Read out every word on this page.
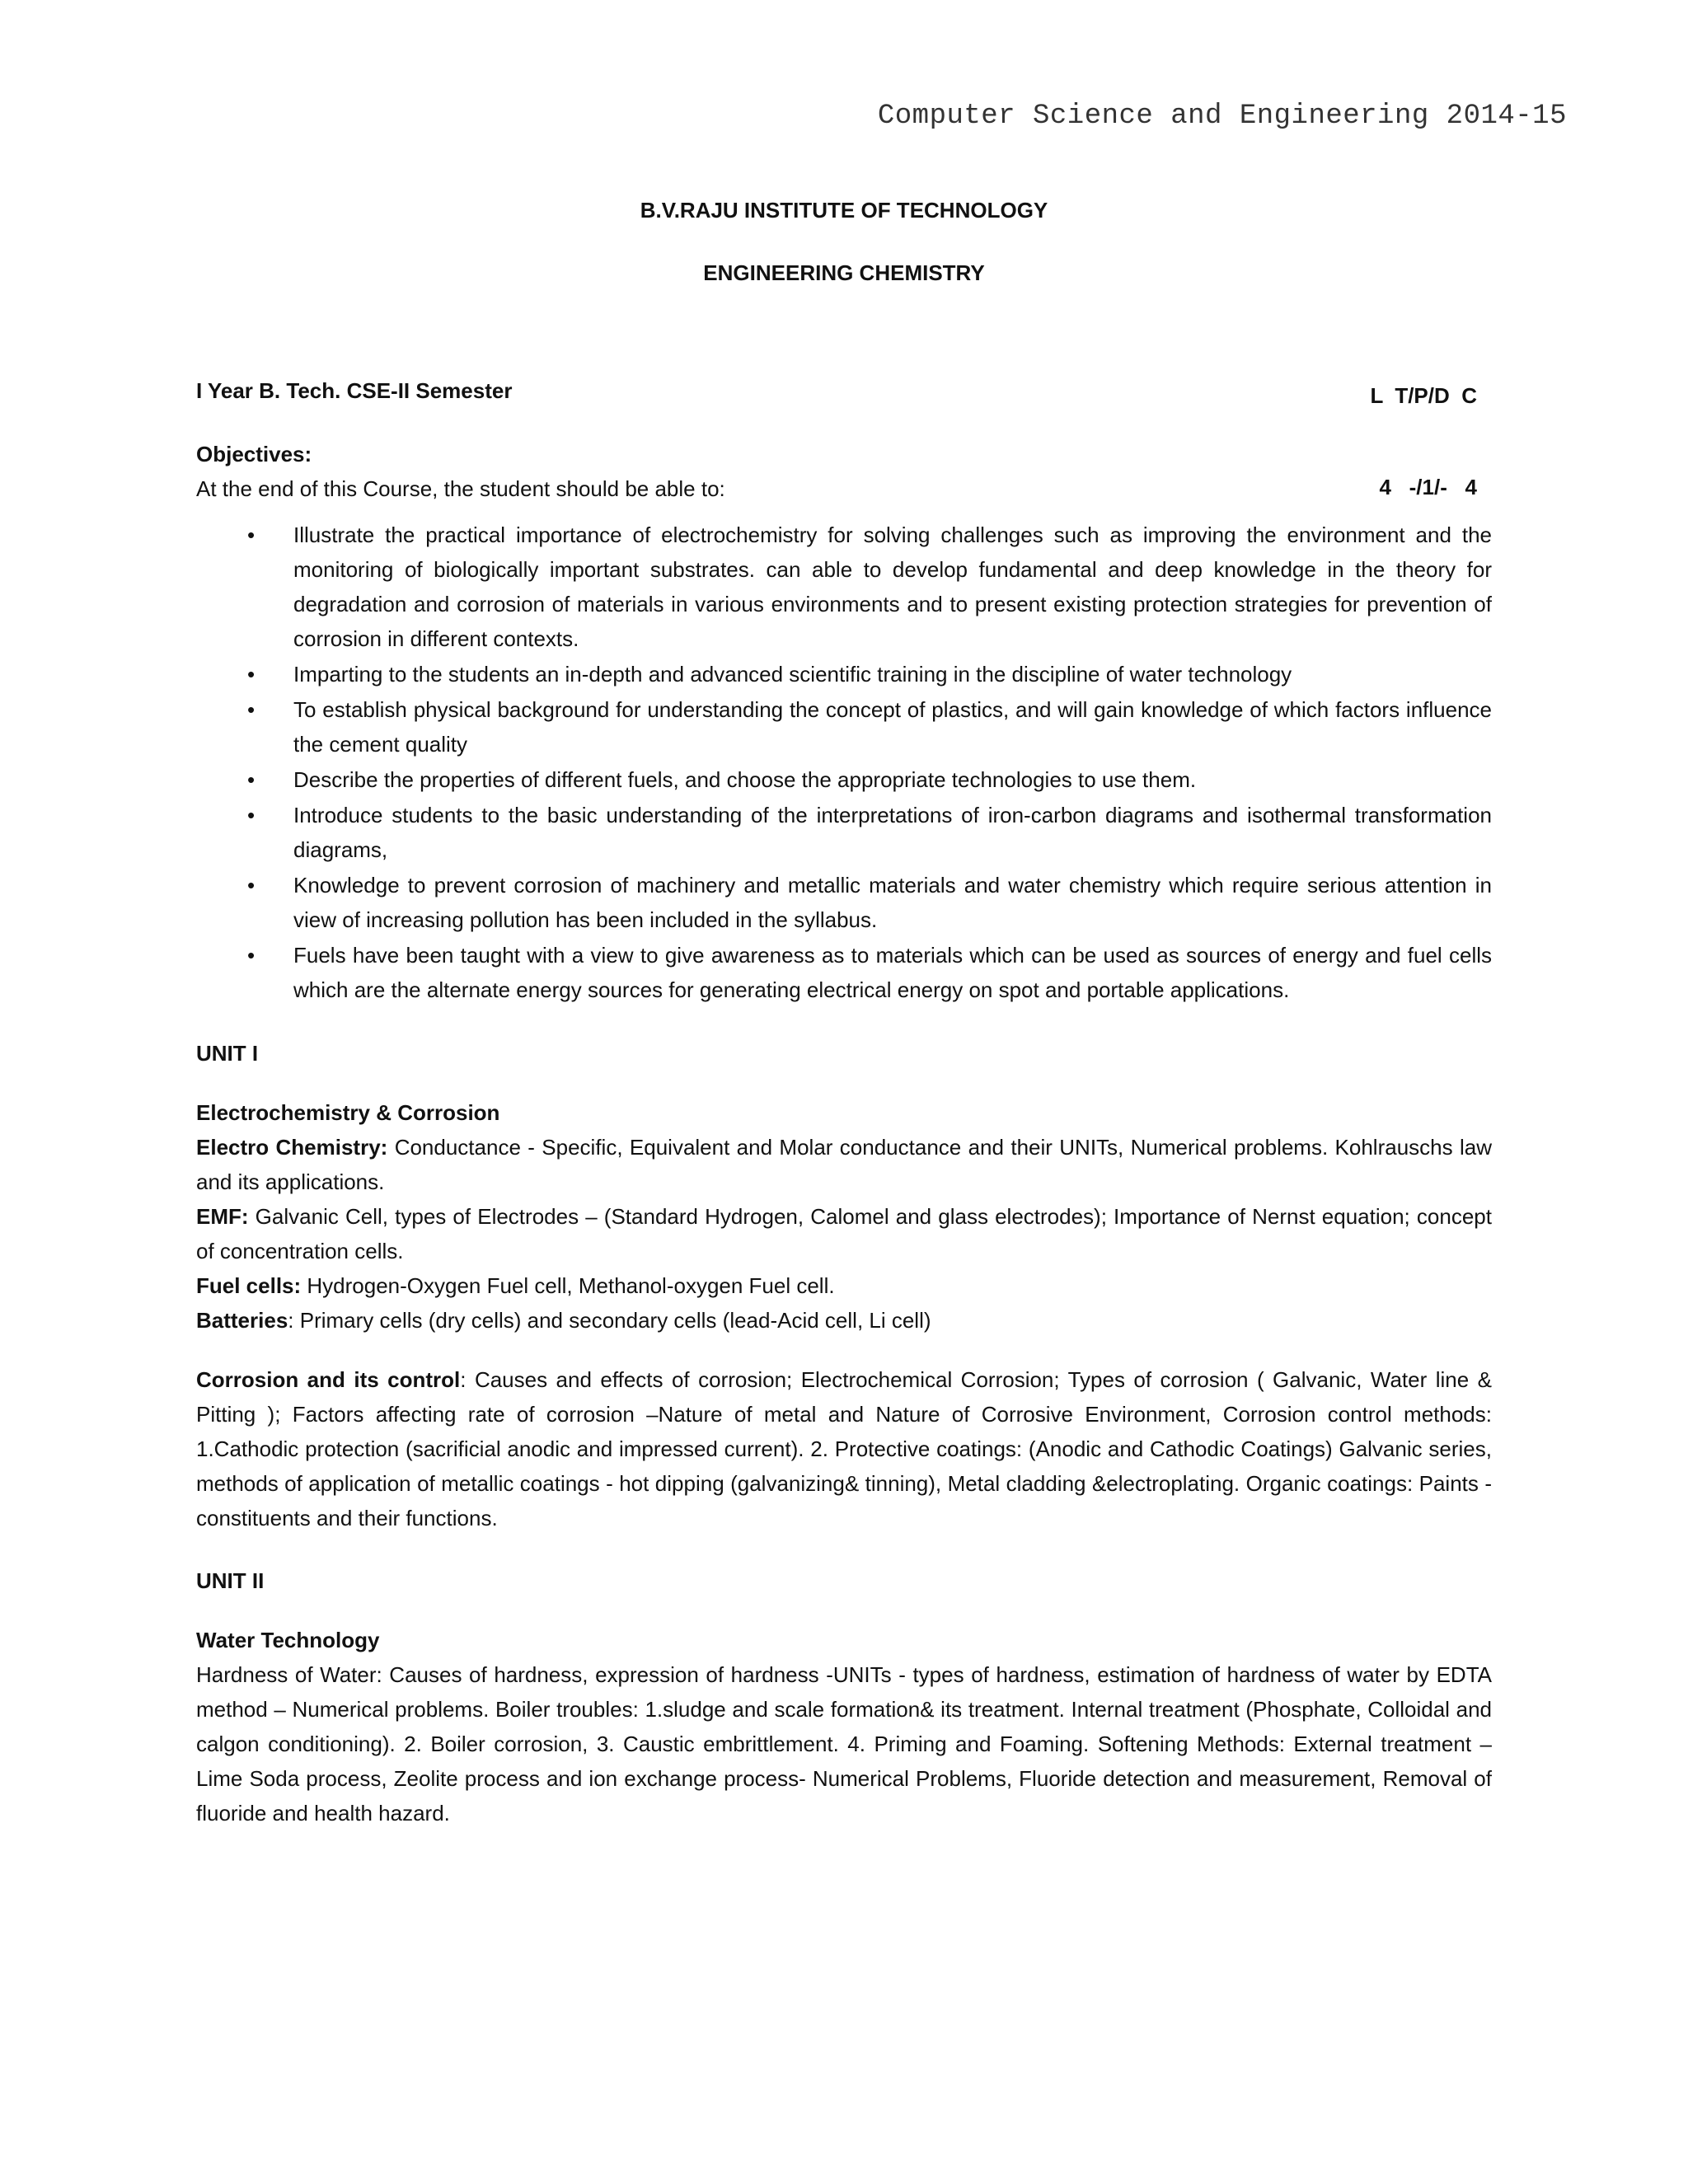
Computer Science and Engineering 2014-15
B.V.RAJU INSTITUTE OF TECHNOLOGY
ENGINEERING CHEMISTRY

L  T/P/D  C

4   -/1/-   4

I Year B. Tech. CSE-II Semester

Objectives:

At the end of this Course, the student should be able to:

• Illustrate the practical importance of electrochemistry for solving challenges such as improving the environment and the monitoring of biologically important substrates. can able to develop fundamental and deep knowledge in the theory for degradation and corrosion of materials in various environments and to present existing protection strategies for prevention of corrosion in different contexts.
• Imparting to the students an in-depth and advanced scientific training in the discipline of water technology
• To establish physical background for understanding the concept of plastics, and will gain knowledge of which factors influence the cement quality
• Describe the properties of different fuels, and choose the appropriate technologies to use them.
• Introduce students to the basic understanding of the interpretations of iron-carbon diagrams and isothermal transformation diagrams,
• Knowledge to prevent corrosion of machinery and metallic materials and water chemistry which require serious attention in view of increasing pollution has been included in the syllabus.
• Fuels have been taught with a view to give awareness as to materials which can be used as sources of energy and fuel cells which are the alternate energy sources for generating electrical energy on spot and portable applications.

UNIT I

Electrochemistry & Corrosion

Electro Chemistry: Conductance - Specific, Equivalent and Molar conductance and their UNITs, Numerical problems. Kohlrauschs law and its applications.

EMF: Galvanic Cell, types of Electrodes – (Standard Hydrogen, Calomel and glass electrodes); Importance of Nernst equation; concept of concentration cells.

Fuel cells: Hydrogen-Oxygen Fuel cell, Methanol-oxygen Fuel cell.

Batteries: Primary cells (dry cells) and secondary cells (lead-Acid cell, Li cell)

Corrosion and its control: Causes and effects of corrosion; Electrochemical Corrosion; Types of corrosion ( Galvanic, Water line & Pitting ); Factors affecting rate of corrosion –Nature of metal and Nature of Corrosive Environment, Corrosion control methods: 1.Cathodic protection (sacrificial anodic and impressed current). 2. Protective coatings: (Anodic and Cathodic Coatings) Galvanic series, methods of application of metallic coatings - hot dipping (galvanizing& tinning), Metal cladding &electroplating. Organic coatings: Paints - constituents and their functions.

UNIT II

Water Technology

Hardness of Water: Causes of hardness, expression of hardness -UNITs - types of hardness, estimation of hardness of water by EDTA method – Numerical problems. Boiler troubles: 1.sludge and scale formation& its treatment. Internal treatment (Phosphate, Colloidal and calgon conditioning). 2. Boiler corrosion, 3. Caustic embrittlement. 4. Priming and Foaming. Softening Methods: External treatment – Lime Soda process, Zeolite process and ion exchange process- Numerical Problems, Fluoride detection and measurement, Removal of fluoride and health hazard.
